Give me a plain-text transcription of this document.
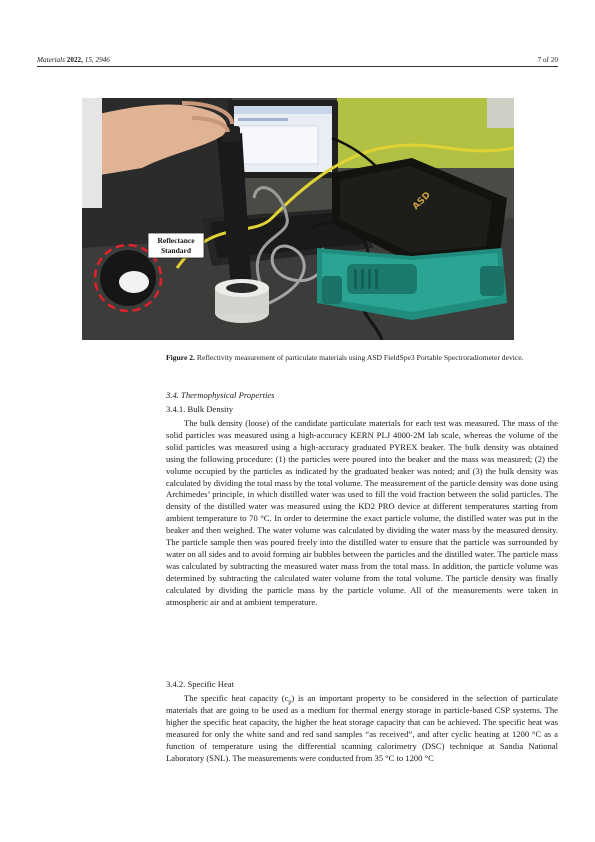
Materials 2022, 15, 2946	7 of 20
ASD
Reflectance
Standard
Figure 2. Reflectivity measurement of particulate materials using ASD FieldSpe3 Portable Spectroradiometer device.
3.4. Thermophysical Properties
3.4.1. Bulk Density

The bulk density (loose) of the candidate particulate materials for each test was measured. The mass of the solid particles was measured using a high-accuracy KERN PLJ 4000-2M lab scale, whereas the volume of the solid particles was measured using a high-accuracy graduated PYREX beaker. The bulk density was obtained using the following procedure: (1) the particles were poured into the beaker and the mass was measured; (2) the volume occupied by the particles as indicated by the graduated beaker was noted; and (3) the bulk density was calculated by dividing the total mass by the total volume. The measurement of the particle density was done using Archimedes’ principle, in which distilled water was used to fill the void fraction between the solid particles. The density of the distilled water was measured using the KD2 PRO device at different temperatures starting from ambient temperature to 70 °C. In order to determine the exact particle volume, the distilled water was put in the beaker and then weighed. The water volume was calculated by dividing the water mass by the measured density. The particle sample then was poured freely into the distilled water to ensure that the particle was surrounded by water on all sides and to avoid forming air bubbles between the particles and the distilled water. The particle mass was calculated by subtracting the measured water mass from the total mass. In addition, the particle volume was determined by subtracting the calculated water volume from the total volume. The particle density was finally calculated by dividing the particle mass by the particle volume. All of the measurements were taken in atmospheric air and at ambient temperature.

3.4.2. Specific Heat

The specific heat capacity $(c_p)$ is an important property to be considered in the selection of particulate materials that are going to be used as a medium for thermal energy storage in particle-based CSP systems. The higher the specific heat capacity, the higher the heat storage capacity that can be achieved. The specific heat was measured for only the white sand and red sand samples “as received”, and after cyclic heating at 1200 °C as a function of temperature using the differential scanning calorimetry (DSC) technique at Sandia National Laboratory (SNL). The measurements were conducted from 35 °C to 1200 °C
